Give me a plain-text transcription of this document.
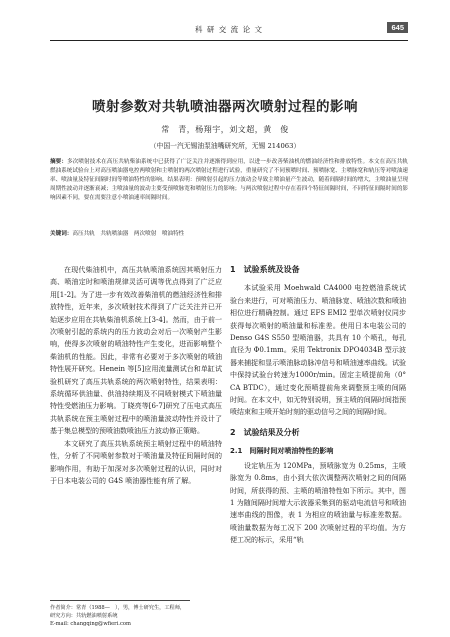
科 研 交 流 论 文	645
喷射参数对共轨喷油器两次喷射过程的影响
常　青，杨翔宇，刘文超，黄　俊
（中国一汽无锡油泵油嘴研究所，无锡 214063）
摘要：多次喷射技术在高压共轨柴油系统中已获得了广泛关注并逐渐得到应用，以进一步改善柴油机的燃油经济性和排放特性。本文在高压共轨燃油系统试验台上对高压喷油器电控两喷射和主喷射的两次喷射过程进行试验，重量研究了不同预喷时间、预喷脉宽、主喷脉宽和轨压等对喷油速率、喷油量及特征间隔时间等喷油特性的影响。结果表明：预喷射引起的压力波动会导致主喷油量产生波动，随着间隔时间的增大，主喷油量呈现周期性波动并逐渐衰减；主喷油量的波动主要受预喷脉宽和喷射压力的影响；与两次喷射过程中存在着四个特征间隔时间，不同特征间隔时间的影响因素不同，要在需要注意小喷油速率间隔时间。
关键词：高压共轨　共轨喷油器　两次喷射　喷油特性

在现代柴油机中，高压共轨喷油系统因其喷射压力高、喷油定时和喷油规律灵活可调等优点得到了广泛应用[1-2]。为了进一步有效改善柴油机的燃油经济性和排放特性，近年来，多次喷射技术得到了广泛关注并已开始逐步应用在共轨柴油机系统上[3-4]。然而，由于前一次喷射引起的系统内的压力波动会对后一次喷射产生影响，使得多次喷射的喷油特性产生变化，进而影响整个柴油机的性能。因此，非常有必要对于多次喷射的喷油特性展开研究。Henein 等[5]应用流量测试台和单缸试验机研究了高压共轨系统的两次喷射特性，结果表明：系统循环供油量、供油持续期及不同喷射模式下喷油量特性受燃油压力影响。丁晓亮等[6-7]研究了压电式高压共轨系统在预主喷射过程中的喷油量波动特性并设计了基于集总模型的预喷油数喷油压力波动修正策略。

本文研究了高压共轨系统预主喷射过程中的喷油特性，分析了不同喷射参数对于喷油量及特征间隔时间的影响作用，有助于加深对多次喷射过程的认识，同时对于日本电装公司的 G4S 喷油器性能有所了解。

1　试验系统及设备

本试验采用 Moehwald CA4000 电控燃油系统试验台来进行，可对喷油压力、喷油脉宽、喷油次数和喷油相位进行精确控制。通过 EFS EMI2 型单次喷射仪同步获得每次喷射的喷油量和标准差。使用日本电装公司的 Denso G4S S550 型喷油器，共具有 10 个喷孔，每孔直径为 Φ0.1mm。采用 Tektronix DPO4034B 型示波器来捕捉和显示喷油脉动脉冲信号和喷油速率曲线。试验中保持试验台转速为1000r/min。固定主喷提前角（0° CA BTDC），通过变化预喷提前角来调整预主喷的间隔时间。在本文中，如无特别说明，预主喷的间隔时间指预喷结束和主喷开始时刻的驱动信号之间的间隔时间。

2　试验结果及分析
2.1　间隔时间对喷油特性的影响

设定轨压为 120MPa，预喷脉宽为 0.25ms，主喷脉宽为 0.8ms，由小到大依次调整两次喷射之间的间隔时间，所获得的预、主喷的喷油特性如下所示。其中，图 1 为随间隔时间增大示波器采集到的驱动电流信号和喷油速率曲线的图像，表 1 为相应的喷油量与标准差数据。喷油量数据为每工况下 200 次喷射过程的平均值。为方便工况的标示，采用“轨

作者简介：常青（1988—　），男，博士研究生，工程师，研究方向：共轨燃油喷射系统
E-mail: changqing@wfieri.com
